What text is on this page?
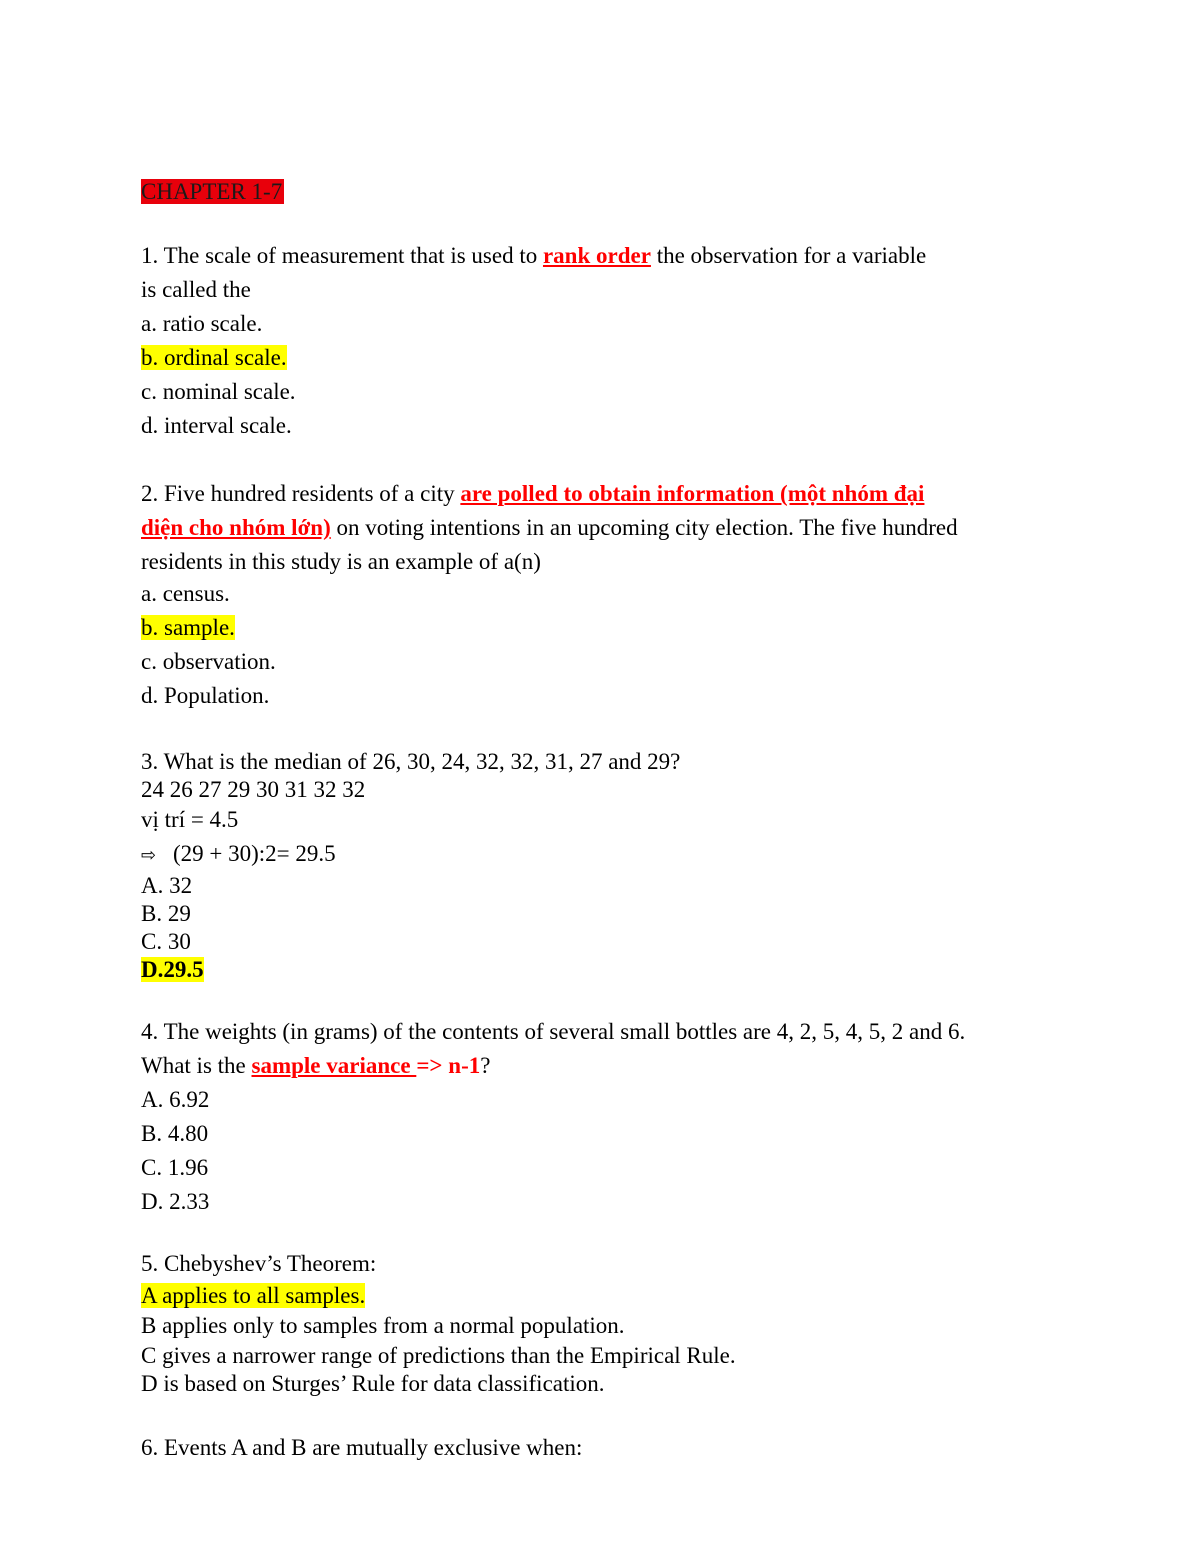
CHAPTER 1-7
1. The scale of measurement that is used to rank order the observation for a variable
is called the
a. ratio scale.
b. ordinal scale.
c. nominal scale.
d. interval scale.
2. Five hundred residents of a city are polled to obtain information (một nhóm đại
diện cho nhóm lớn) on voting intentions in an upcoming city election. The five hundred
residents in this study is an example of a(n)
a. census.
b. sample.
c. observation.
d. Population.
3. What is the median of 26, 30, 24, 32, 32, 31, 27 and 29?
24 26 27 29 30 31 32 32
vị trí = 4.5
⇨ (29 + 30):2= 29.5
A. 32
B. 29
C. 30
D.29.5
4. The weights (in grams) of the contents of several small bottles are 4, 2, 5, 4, 5, 2 and 6.
What is the sample variance => n-1?
A. 6.92
B. 4.80
C. 1.96
D. 2.33
5. Chebyshev’s Theorem:
A applies to all samples.
B applies only to samples from a normal population.
C gives a narrower range of predictions than the Empirical Rule.
D is based on Sturges’ Rule for data classification.
6. Events A and B are mutually exclusive when:
